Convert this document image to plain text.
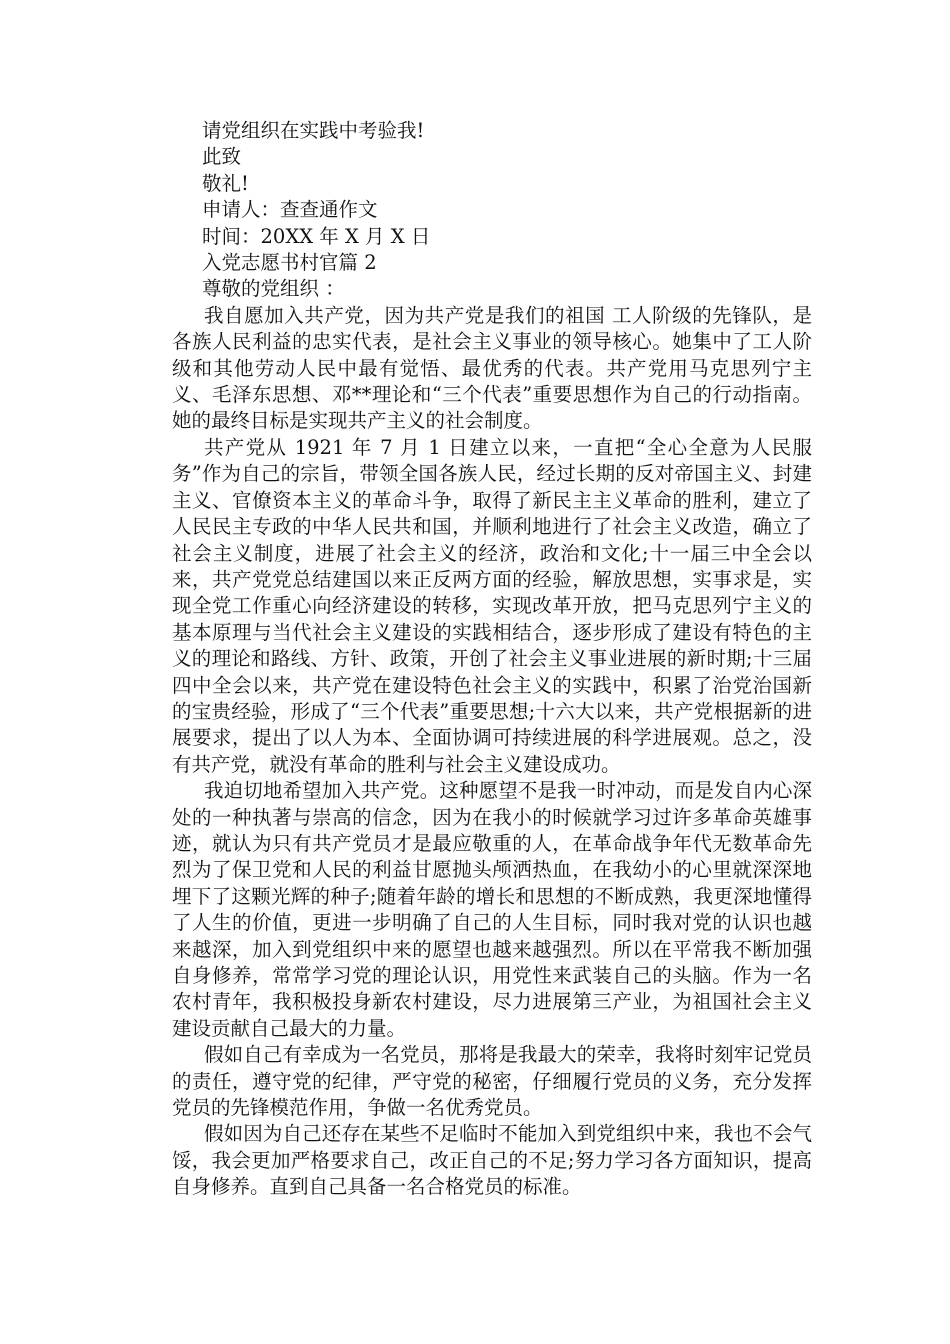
请党组织在实践中考验我!
此致
敬礼!
申请人：查查通作文
时间：20XX 年 X 月 X 日
入党志愿书村官篇 2
尊敬的党组织 ：

我自愿加入共产党，因为共产党是我们的祖国 工人阶级的先锋队，是各族人民利益的忠实代表，是社会主义事业的领导核心。她集中了工人阶级和其他劳动人民中最有觉悟、最优秀的代表。共产党用马克思列宁主义、毛泽东思想、邓**理论和“三个代表”重要思想作为自己的行动指南。她的最终目标是实现共产主义的社会制度。

共产党从 1921 年 7 月 1 日建立以来，一直把“全心全意为人民服务”作为自己的宗旨，带领全国各族人民，经过长期的反对帝国主义、封建主义、官僚资本主义的革命斗争，取得了新民主主义革命的胜利，建立了人民民主专政的中华人民共和国，并顺利地进行了社会主义改造，确立了社会主义制度，进展了社会主义的经济，政治和文化;十一届三中全会以来，共产党党总结建国以来正反两方面的经验，解放思想，实事求是，实现全党工作重心向经济建设的转移，实现改革开放，把马克思列宁主义的基本原理与当代社会主义建设的实践相结合，逐步形成了建设有特色的主义的理论和路线、方针、政策，开创了社会主义事业进展的新时期;十三届四中全会以来，共产党在建设特色社会主义的实践中，积累了治党治国新的宝贵经验，形成了“三个代表”重要思想;十六大以来，共产党根据新的进展要求，提出了以人为本、全面协调可持续进展的科学进展观。总之，没有共产党，就没有革命的胜利与社会主义建设成功。

我迫切地希望加入共产党。这种愿望不是我一时冲动，而是发自内心深处的一种执著与崇高的信念，因为在我小的时候就学习过许多革命英雄事迹，就认为只有共产党员才是最应敬重的人，在革命战争年代无数革命先烈为了保卫党和人民的利益甘愿抛头颅洒热血，在我幼小的心里就深深地埋下了这颗光辉的种子;随着年龄的增长和思想的不断成熟，我更深地懂得了人生的价值，更进一步明确了自己的人生目标，同时我对党的认识也越来越深，加入到党组织中来的愿望也越来越强烈。所以在平常我不断加强自身修养，常常学习党的理论认识，用党性来武装自己的头脑。作为一名农村青年，我积极投身新农村建设，尽力进展第三产业，为祖国社会主义建设贡献自己最大的力量。

假如自己有幸成为一名党员，那将是我最大的荣幸，我将时刻牢记党员的责任，遵守党的纪律，严守党的秘密，仔细履行党员的义务，充分发挥党员的先锋模范作用，争做一名优秀党员。

假如因为自己还存在某些不足临时不能加入到党组织中来，我也不会气馁，我会更加严格要求自己，改正自己的不足;努力学习各方面知识，提高自身修养。直到自己具备一名合格党员的标准。
